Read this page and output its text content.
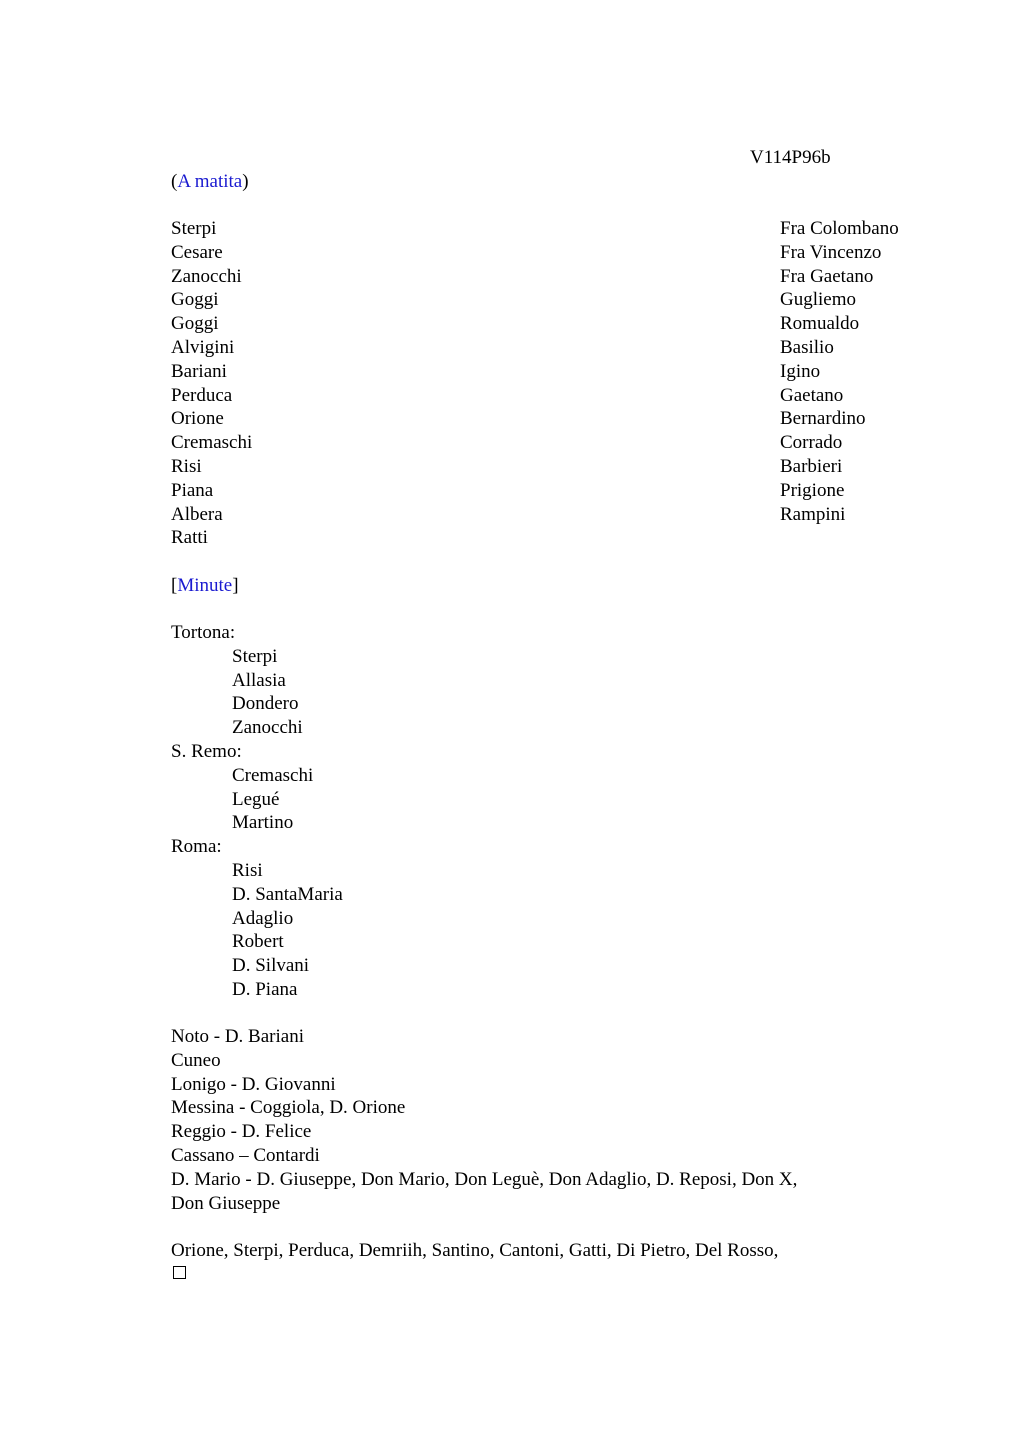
V114P96b
(A matita)
Sterpi
Cesare
Zanocchi
Goggi
Goggi
Alvigini
Bariani
Perduca
Orione
Cremaschi
Risi
Piana
Albera
Ratti
Fra Colombano
Fra Vincenzo
Fra Gaetano
Gugliemo
Romualdo
Basilio
Igino
Gaetano
Bernardino
Corrado
Barbieri
Prigione
Rampini
[Minute]
Tortona:
Sterpi
Allasia
Dondero
Zanocchi
S. Remo:
Cremaschi
Legué
Martino
Roma:
Risi
D. SantaMaria
Adaglio
Robert
D. Silvani
D. Piana
Noto - D. Bariani
Cuneo
Lonigo - D. Giovanni
Messina - Coggiola, D. Orione
Reggio - D. Felice
Cassano – Contardi
D. Mario - D. Giuseppe, Don Mario, Don Leguè, Don Adaglio, D. Reposi, Don X,
Don Giuseppe
Orione, Sterpi, Perduca, Demriih, Santino, Cantoni, Gatti, Di Pietro, Del Rosso,
